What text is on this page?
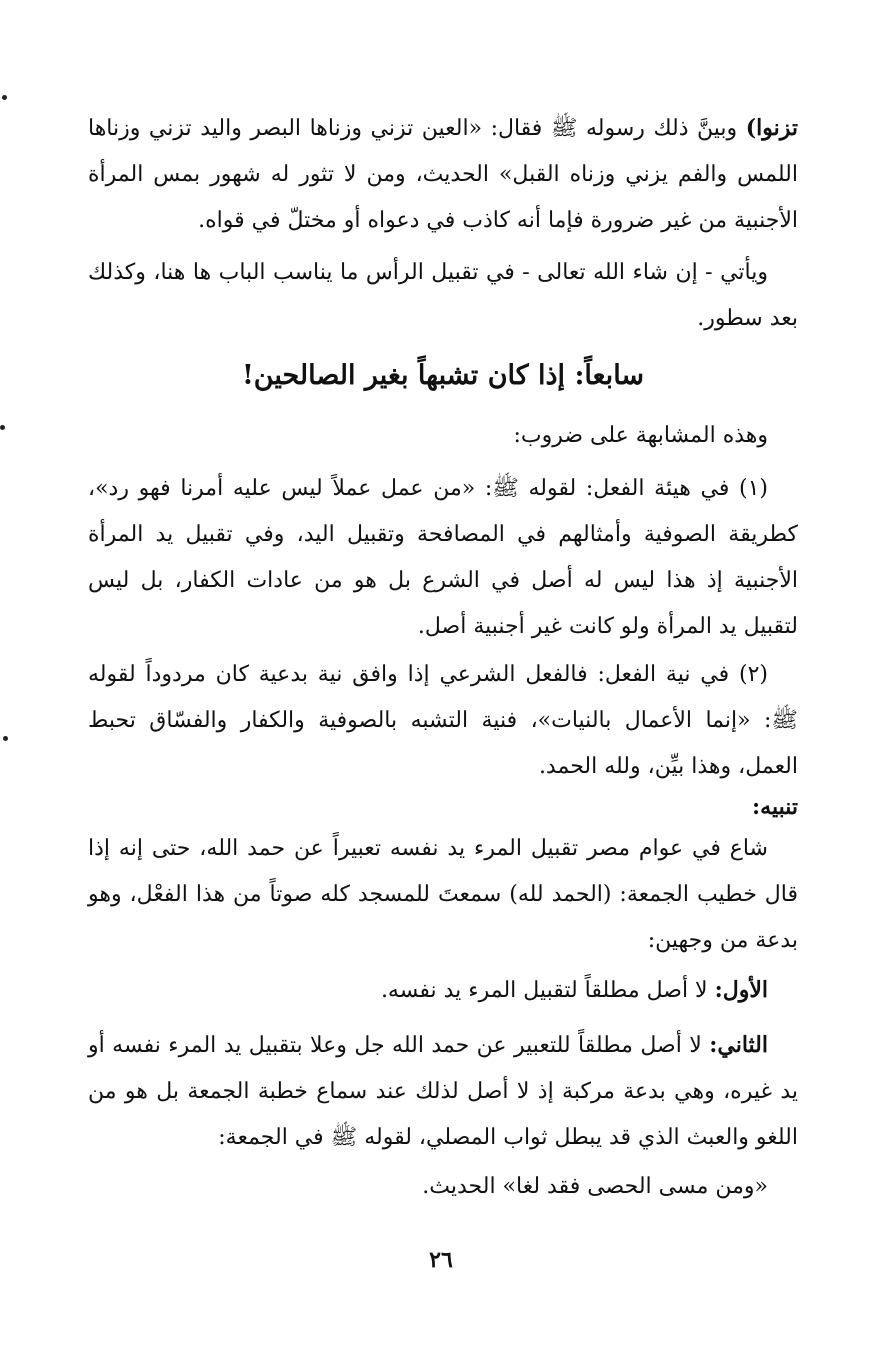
تزنوا) وبينَّ ذلك رسوله ﷺ فقال: «العين تزني وزناها البصر واليد تزني وزناها اللمس والفم يزني وزناه القبل» الحديث، ومن لا تثور له شهور بمس المرأة الأجنبية من غير ضرورة فإما أنه كاذب في دعواه أو مختلّ في قواه.
ويأتي - إن شاء الله تعالى - في تقبيل الرأس ما يناسب الباب ها هنا، وكذلك بعد سطور.
سابعاً: إذا كان تشبهاً بغير الصالحين!
وهذه المشابهة على ضروب:
(١) في هيئة الفعل: لقوله ﷺ: «من عمل عملاً ليس عليه أمرنا فهو رد»، كطريقة الصوفية وأمثالهم في المصافحة وتقبيل اليد، وفي تقبيل يد المرأة الأجنبية إذ هذا ليس له أصل في الشرع بل هو من عادات الكفار، بل ليس لتقبيل يد المرأة ولو كانت غير أجنبية أصل.
(٢) في نية الفعل: فالفعل الشرعي إذا وافق نية بدعية كان مردوداً لقوله ﷺ: «إنما الأعمال بالنيات»، فنية التشبه بالصوفية والكفار والفسّاق تحبط العمل، وهذا بيِّن، ولله الحمد.
تنبيه:
شاع في عوام مصر تقبيل المرء يد نفسه تعبيراً عن حمد الله، حتى إنه إذا قال خطيب الجمعة: (الحمد لله) سمعتَ للمسجد كله صوتاً من هذا الفعْل، وهو بدعة من وجهين:
الأول: لا أصل مطلقاً لتقبيل المرء يد نفسه.
الثاني: لا أصل مطلقاً للتعبير عن حمد الله جل وعلا بتقبيل يد المرء نفسه أو يد غيره، وهي بدعة مركبة إذ لا أصل لذلك عند سماع خطبة الجمعة بل هو من اللغو والعبث الذي قد يبطل ثواب المصلي، لقوله ﷺ في الجمعة:
«ومن مسى الحصى فقد لغا» الحديث.
٢٦
